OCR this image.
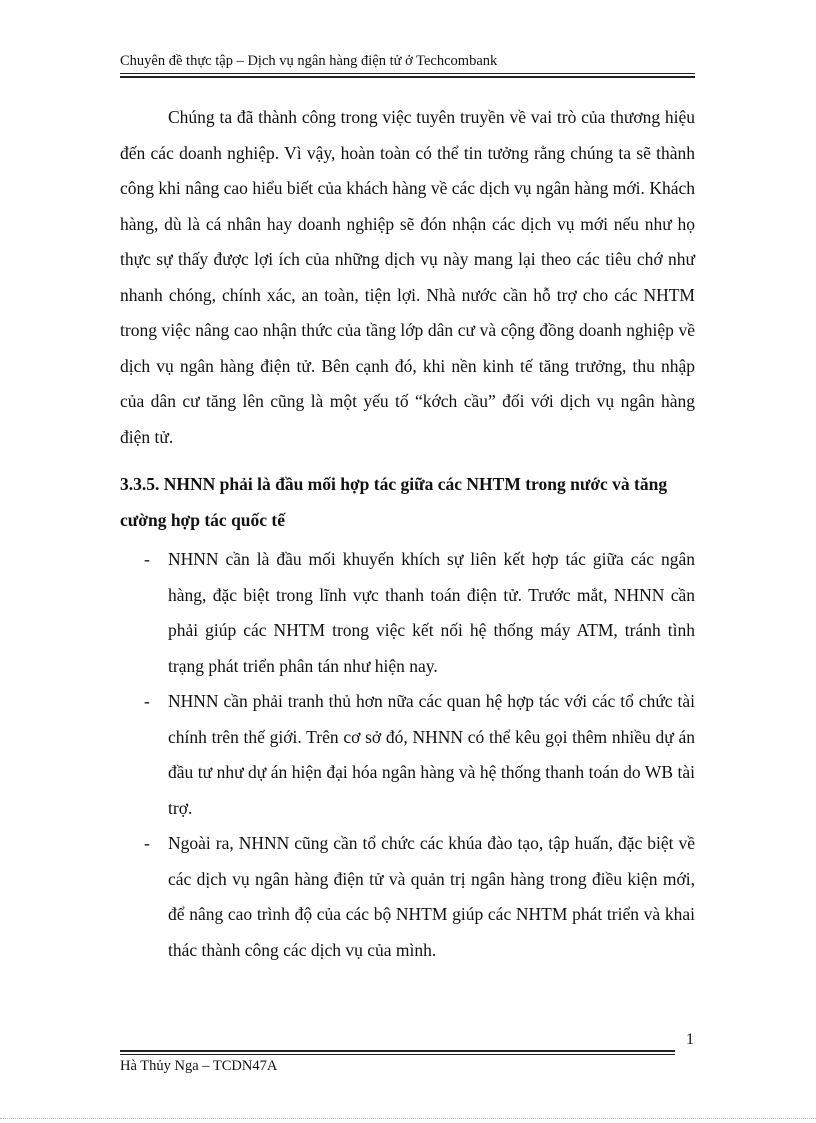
Chuyên đề thực tập – Dịch vụ ngân hàng điện tử ở Techcombank

Chúng ta đã thành công trong việc tuyên truyền về vai trò của thương hiệu đến các doanh nghiệp. Vì vậy, hoàn toàn có thể tin tưởng rằng chúng ta sẽ thành công khi nâng cao hiểu biết của khách hàng về các dịch vụ ngân hàng mới. Khách hàng, dù là cá nhân hay doanh nghiệp sẽ đón nhận các dịch vụ mới nếu như họ thực sự thấy được lợi ích của những dịch vụ này mang lại theo các tiêu chớ như nhanh chóng, chính xác, an toàn, tiện lợi. Nhà nước cần hỗ trợ cho các NHTM trong việc nâng cao nhận thức của tầng lớp dân cư và cộng đồng doanh nghiệp về dịch vụ ngân hàng điện tử. Bên cạnh đó, khi nền kinh tế tăng trưởng, thu nhập của dân cư tăng lên cũng là một yếu tố “kớch cầu” đối với dịch vụ ngân hàng điện tử.

3.3.5. NHNN phải là đầu mối hợp tác giữa các NHTM trong nước và tăng cường hợp tác quốc tế

- NHNN cần là đầu mối khuyến khích sự liên kết hợp tác giữa các ngân hàng, đặc biệt trong lĩnh vực thanh toán điện tử. Trước mắt, NHNN cần phải giúp các NHTM trong việc kết nối hệ thống máy ATM, tránh tình trạng phát triển phân tán như hiện nay.
- NHNN cần phải tranh thủ hơn nữa các quan hệ hợp tác với các tổ chức tài chính trên thế giới. Trên cơ sở đó, NHNN có thể kêu gọi thêm nhiều dự án đầu tư như dự án hiện đại hóa ngân hàng và hệ thống thanh toán do WB tài trợ.
- Ngoài ra, NHNN cũng cần tổ chức các khúa đào tạo, tập huấn, đặc biệt về các dịch vụ ngân hàng điện tử và quản trị ngân hàng trong điều kiện mới, để nâng cao trình độ của các bộ NHTM giúp các NHTM phát triển và khai thác thành công các dịch vụ của mình.
1
Hà Thủy Nga – TCDN47A
